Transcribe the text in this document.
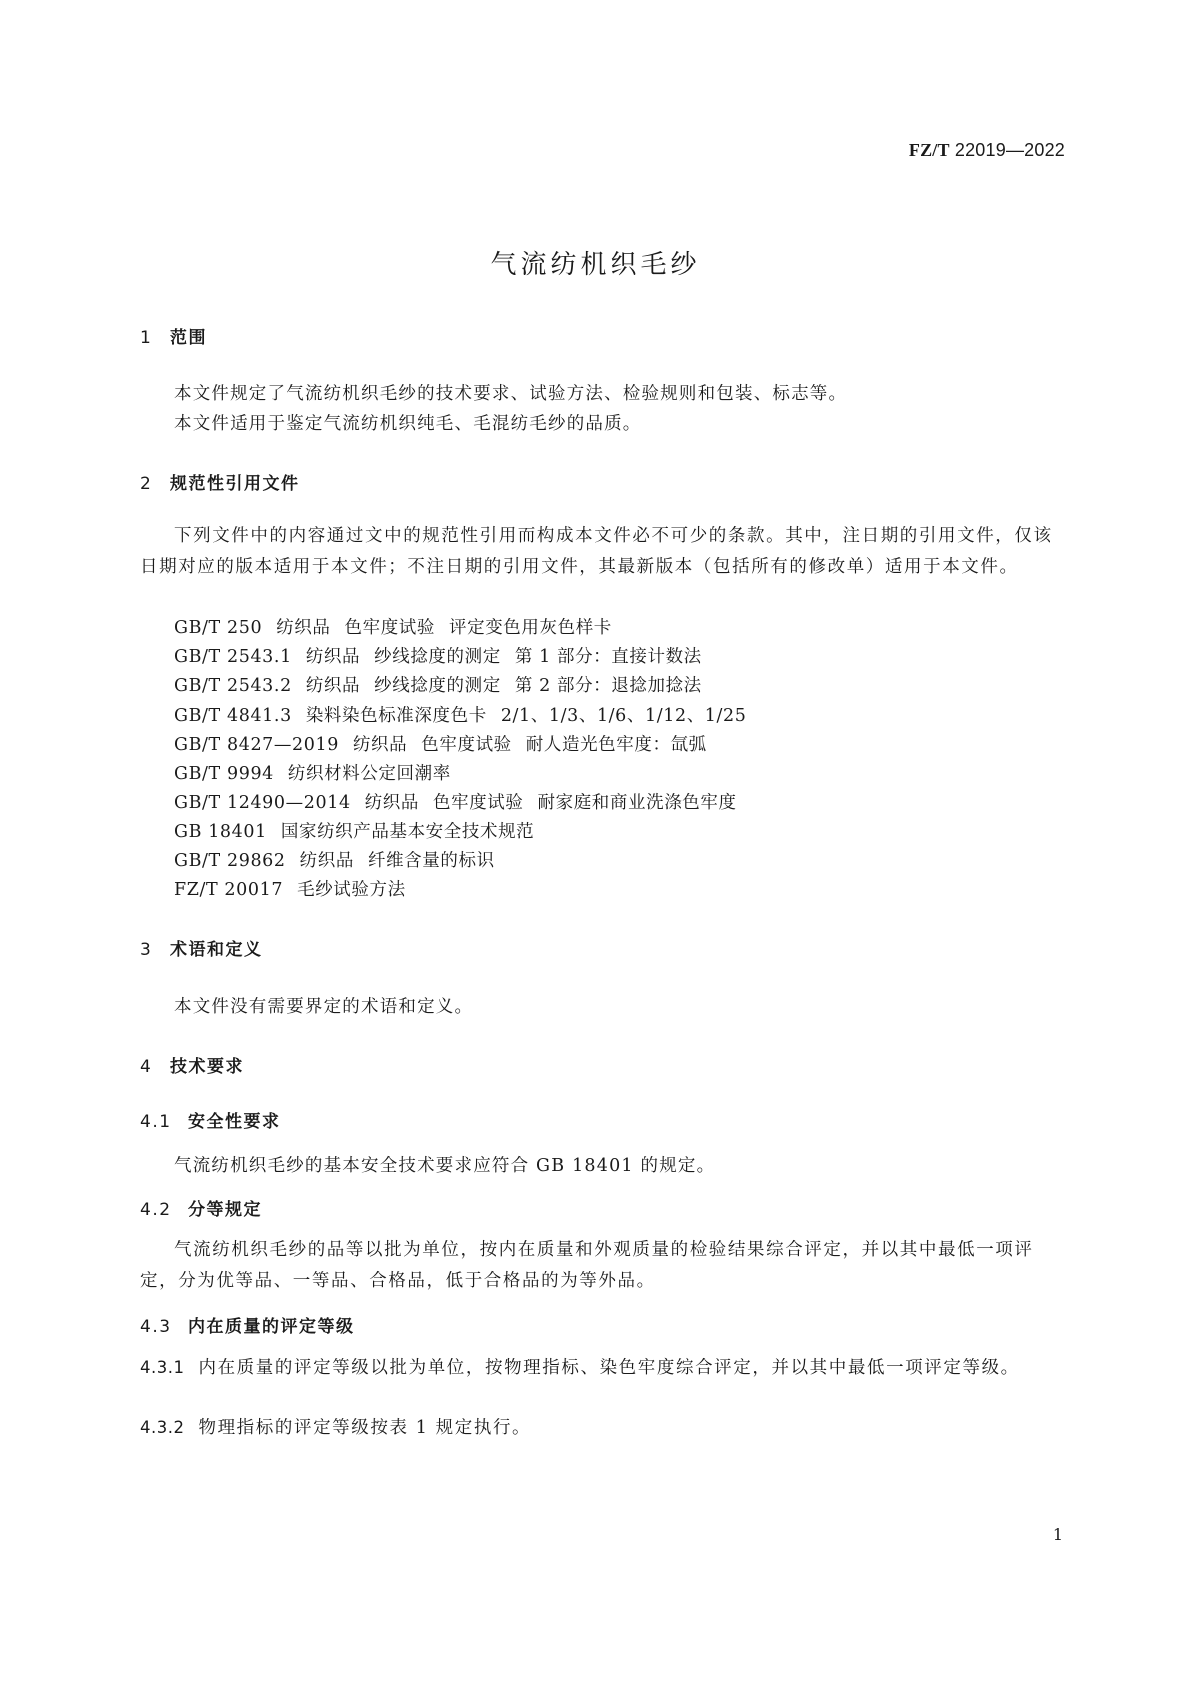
FZ/T 22019—2022
气流纺机织毛纱
1 范围
本文件规定了气流纺机织毛纱的技术要求、试验方法、检验规则和包装、标志等。
本文件适用于鉴定气流纺机织纯毛、毛混纺毛纱的品质。
2 规范性引用文件
下列文件中的内容通过文中的规范性引用而构成本文件必不可少的条款。其中，注日期的引用文件，仅该日期对应的版本适用于本文件；不注日期的引用文件，其最新版本（包括所有的修改单）适用于本文件。
GB/T 250 纺织品 色牢度试验 评定变色用灰色样卡
GB/T 2543.1 纺织品 纱线捻度的测定 第 1 部分：直接计数法
GB/T 2543.2 纺织品 纱线捻度的测定 第 2 部分：退捻加捻法
GB/T 4841.3 染料染色标准深度色卡 2/1、1/3、1/6、1/12、1/25
GB/T 8427—2019 纺织品 色牢度试验 耐人造光色牢度：氙弧
GB/T 9994 纺织材料公定回潮率
GB/T 12490—2014 纺织品 色牢度试验 耐家庭和商业洗涤色牢度
GB 18401 国家纺织产品基本安全技术规范
GB/T 29862 纺织品 纤维含量的标识
FZ/T 20017 毛纱试验方法
3 术语和定义
本文件没有需要界定的术语和定义。
4 技术要求
4.1 安全性要求
气流纺机织毛纱的基本安全技术要求应符合 GB 18401 的规定。
4.2 分等规定
气流纺机织毛纱的品等以批为单位，按内在质量和外观质量的检验结果综合评定，并以其中最低一项评定，分为优等品、一等品、合格品，低于合格品的为等外品。
4.3 内在质量的评定等级
4.3.1 内在质量的评定等级以批为单位，按物理指标、染色牢度综合评定，并以其中最低一项评定等级。
4.3.2 物理指标的评定等级按表 1 规定执行。
1
